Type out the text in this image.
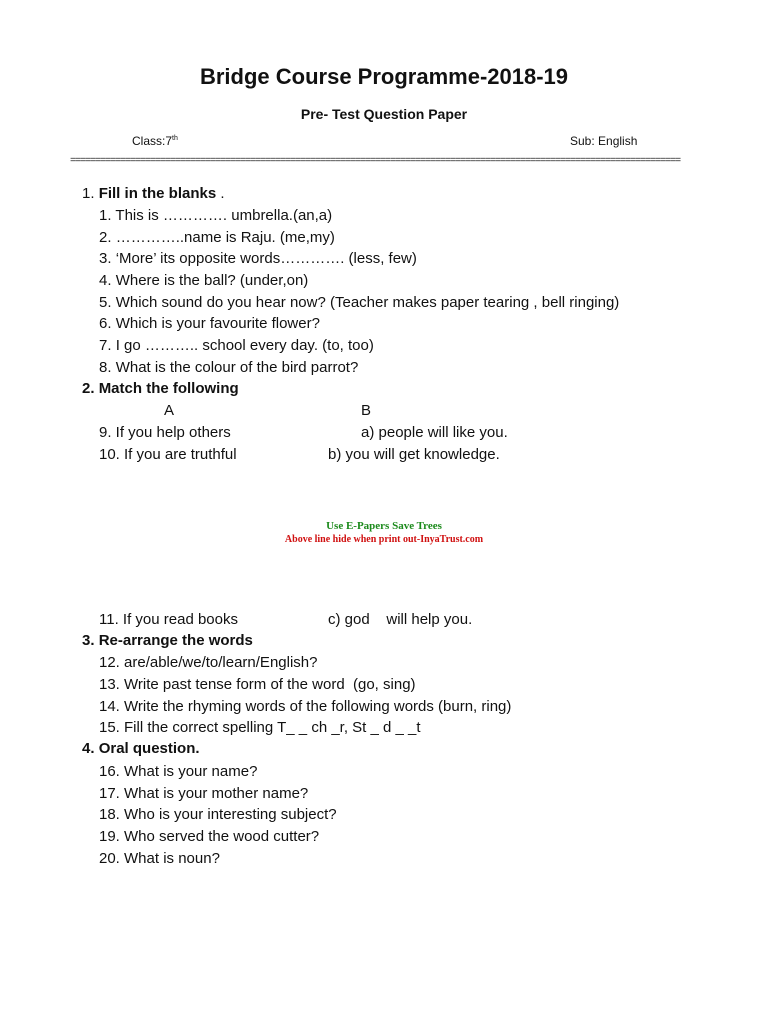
Bridge Course Programme-2018-19
Pre- Test Question Paper
Class:7th	Sub: English
==========================================================================================================================
1. Fill in the blanks .
1. This is …………. umbrella.(an,a)
2. …………..name is Raju. (me,my)
3. ‘More’ its opposite words…………. (less, few)
4. Where is the ball? (under,on)
5. Which sound do you hear now? (Teacher makes paper tearing , bell ringing)
6. Which is your favourite flower?
7. I go ……….. school every day. (to, too)
8. What is the colour of the bird parrot?
2. Match the following
A	B
9. If you help others	a) people will like you.
10. If you are truthful	b) you will get knowledge.
Use E-Papers Save Trees
Above line hide when print out-InyaTrust.com
11. If you read books	c) god    will help you.
3. Re-arrange the words
12. are/able/we/to/learn/English?
13. Write past tense form of the word  (go, sing)
14. Write the rhyming words of the following words (burn, ring)
15. Fill the correct spelling T_ _ ch _r, St _ d _ _t
4. Oral question.
16. What is your name?
17. What is your mother name?
18. Who is your interesting subject?
19. Who served the wood cutter?
20. What is noun?
